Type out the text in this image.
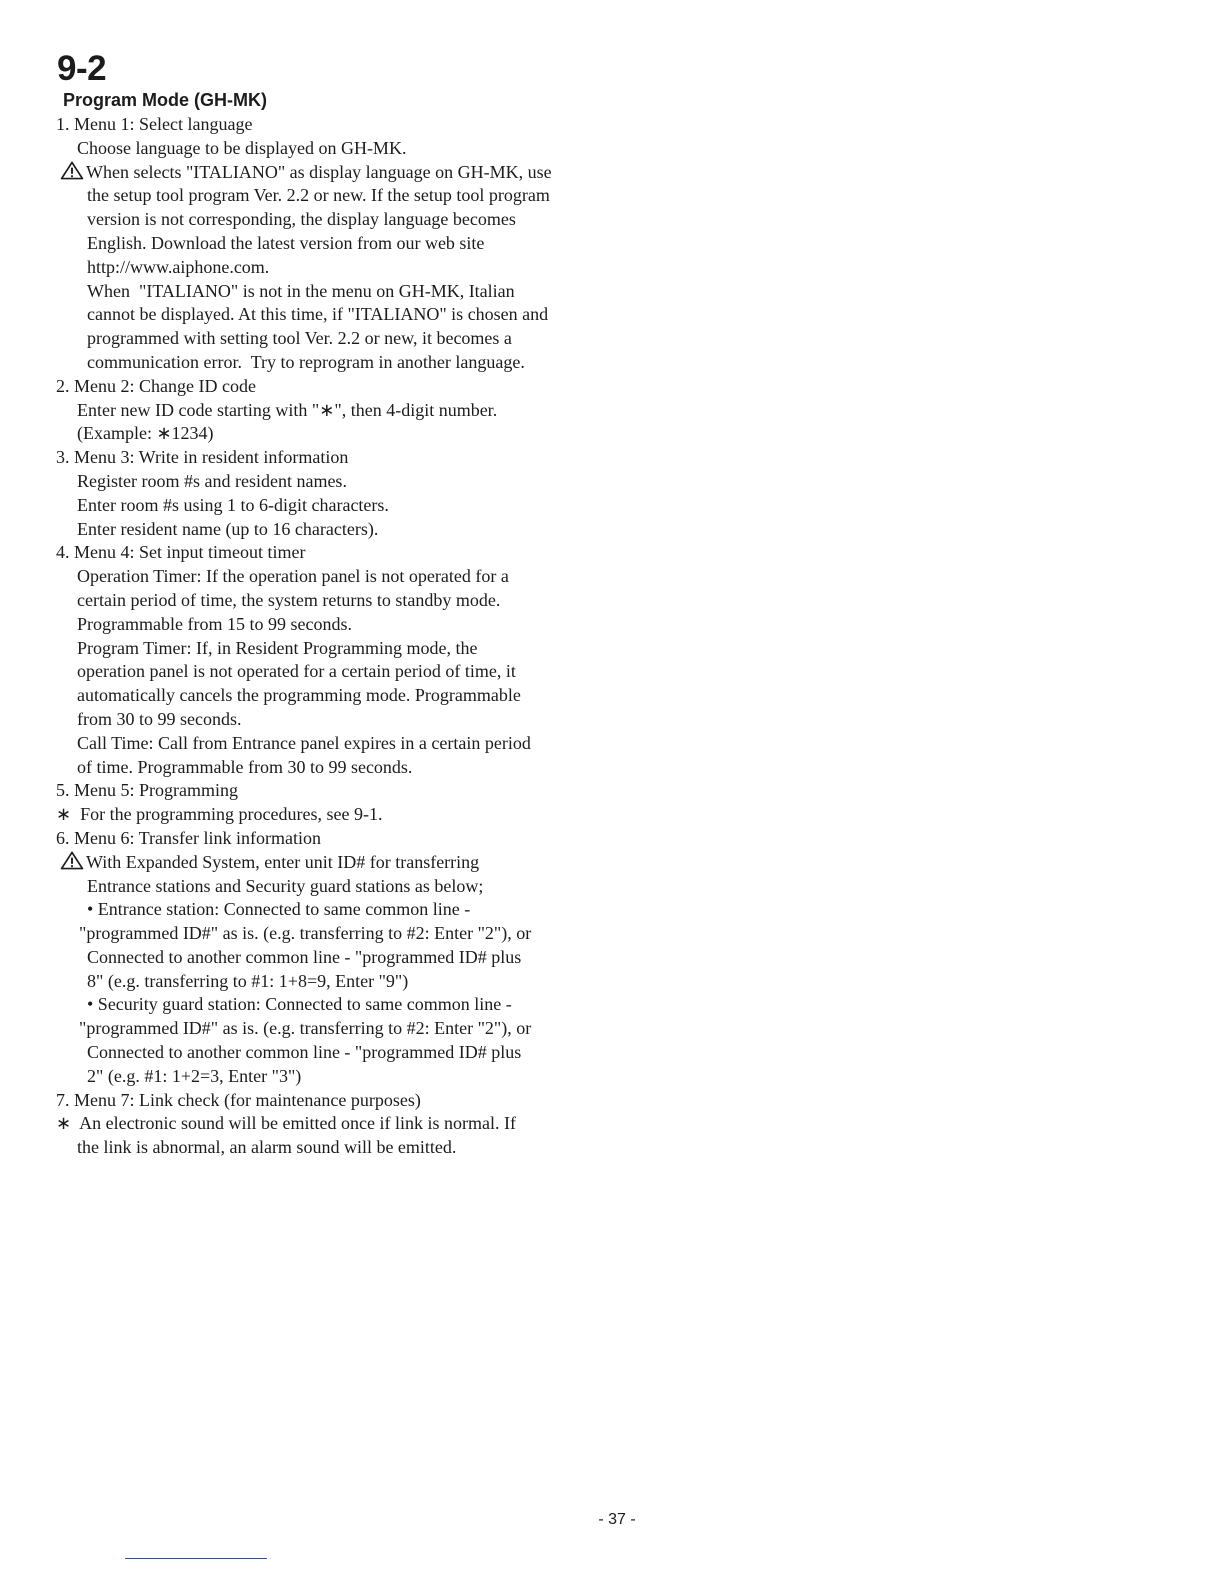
9-2
Program Mode (GH-MK)
1. Menu 1: Select language
Choose language to be displayed on GH-MK.
When selects "ITALIANO" as display language on GH-MK, use
the setup tool program Ver. 2.2 or new. If the setup tool program
version is not corresponding, the display language becomes
English. Download the latest version from our web site
http://www.aiphone.com.
When  "ITALIANO" is not in the menu on GH-MK, Italian
cannot be displayed. At this time, if "ITALIANO" is chosen and
programmed with setting tool Ver. 2.2 or new, it becomes a
communication error.  Try to reprogram in another language.
2. Menu 2: Change ID code
Enter new ID code starting with "∗", then 4-digit number.
(Example: ∗1234)
3. Menu 3: Write in resident information
Register room #s and resident names.
Enter room #s using 1 to 6-digit characters.
Enter resident name (up to 16 characters).
4. Menu 4: Set input timeout timer
Operation Timer: If the operation panel is not operated for a
certain period of time, the system returns to standby mode.
Programmable from 15 to 99 seconds.
Program Timer: If, in Resident Programming mode, the
operation panel is not operated for a certain period of time, it
automatically cancels the programming mode. Programmable
from 30 to 99 seconds.
Call Time: Call from Entrance panel expires in a certain period
of time. Programmable from 30 to 99 seconds.
5. Menu 5: Programming
∗  For the programming procedures, see 9-1.
6. Menu 6: Transfer link information
With Expanded System, enter unit ID# for transferring
Entrance stations and Security guard stations as below;
• Entrance station: Connected to same common line -
"programmed ID#" as is. (e.g. transferring to #2: Enter "2"), or
Connected to another common line - "programmed ID# plus
8" (e.g. transferring to #1: 1+8=9, Enter "9")
• Security guard station: Connected to same common line -
"programmed ID#" as is. (e.g. transferring to #2: Enter "2"), or
Connected to another common line - "programmed ID# plus
2" (e.g. #1: 1+2=3, Enter "3")
7. Menu 7: Link check (for maintenance purposes)
∗  An electronic sound will be emitted once if link is normal. If
the link is abnormal, an alarm sound will be emitted.
- 37 -
